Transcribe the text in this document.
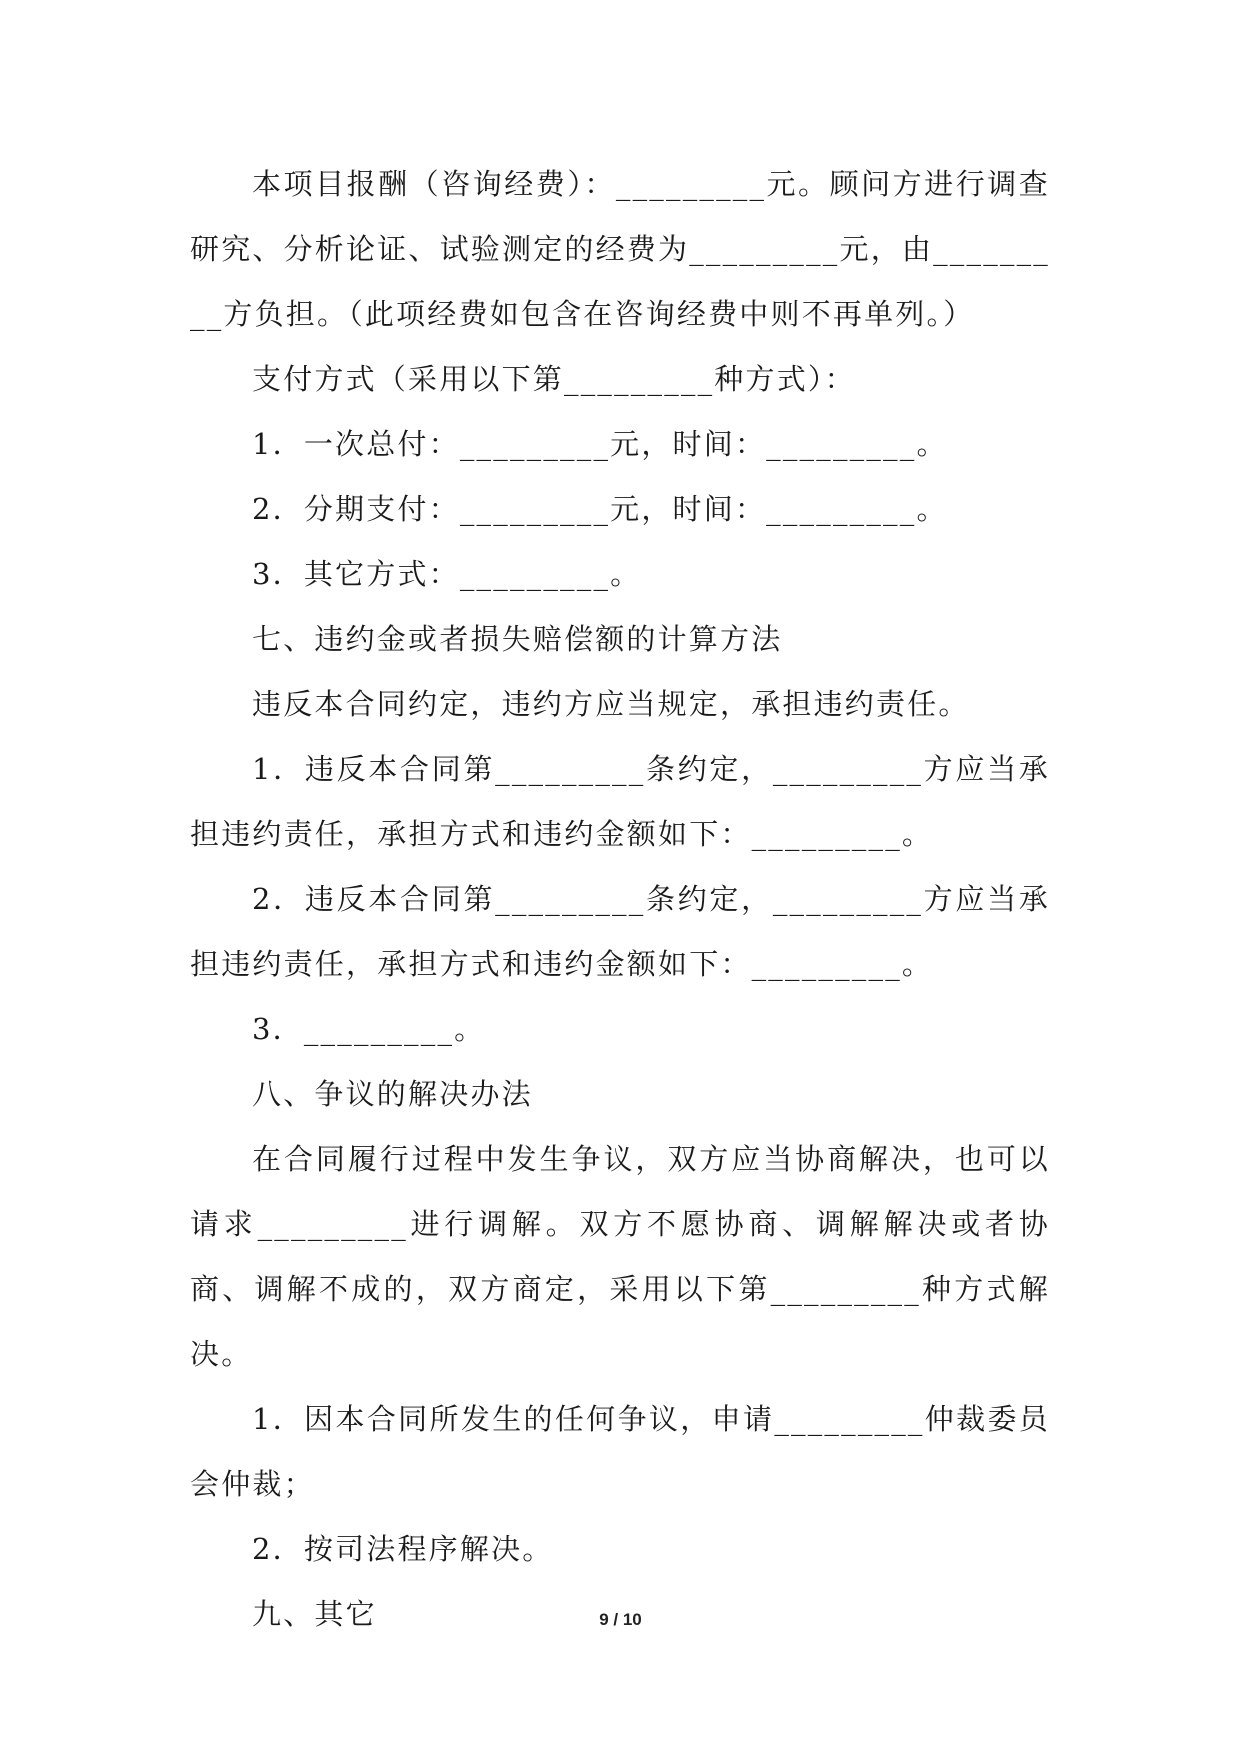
本项目报酬（咨询经费）：_________元。顾问方进行调查研究、分析论证、试验测定的经费为_________元，由_________方负担。（此项经费如包含在咨询经费中则不再单列。）

支付方式（采用以下第_________种方式）：

1．一次总付：_________元，时间：_________。

2．分期支付：_________元，时间：_________。

3．其它方式：_________。

七、违约金或者损失赔偿额的计算方法

违反本合同约定，违约方应当规定，承担违约责任。

1．违反本合同第_________条约定，_________方应当承担违约责任，承担方式和违约金额如下：_________。

2．违反本合同第_________条约定，_________方应当承担违约责任，承担方式和违约金额如下：_________。

3．_________。

八、争议的解决办法

在合同履行过程中发生争议，双方应当协商解决，也可以请求_________进行调解。双方不愿协商、调解解决或者协商、调解不成的，双方商定，采用以下第_________种方式解决。

1．因本合同所发生的任何争议，申请_________仲裁委员会仲裁；

2．按司法程序解决。

九、其它	9 / 10
